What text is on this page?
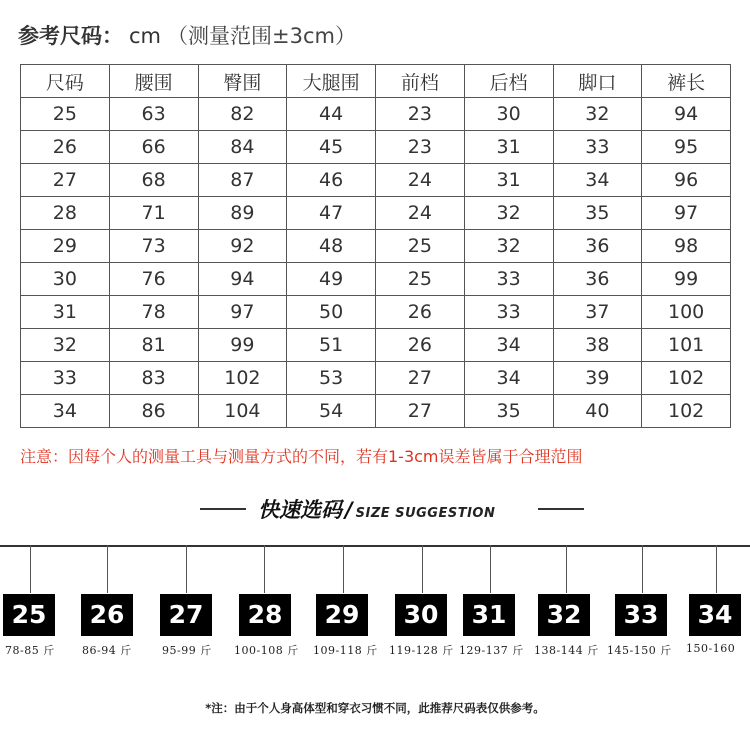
参考尺码： cm （测量范围±3cm）
尺码	腰围	臀围	大腿围	前档	后档	脚口	裤长
25	63	82	44	23	30	32	94
26	66	84	45	23	31	33	95
27	68	87	46	24	31	34	96
28	71	89	47	24	32	35	97
29	73	92	48	25	32	36	98
30	76	94	49	25	33	36	99
31	78	97	50	26	33	37	100
32	81	99	51	26	34	38	101
33	83	102	53	27	34	39	102
34	86	104	54	27	35	40	102
注意：因每个人的测量工具与测量方式的不同，若有1-3cm误差皆属于合理范围
快速选码 / SIZE SUGGESTION
25
78-85 斤
26
86-94 斤
27
95-99 斤
28
100-108 斤
29
109-118 斤
30
119-128 斤
31
129-137 斤
32
138-144 斤
33
145-150 斤
34
150-160
*注：由于个人身高体型和穿衣习惯不同，此推荐尺码表仅供参考。
